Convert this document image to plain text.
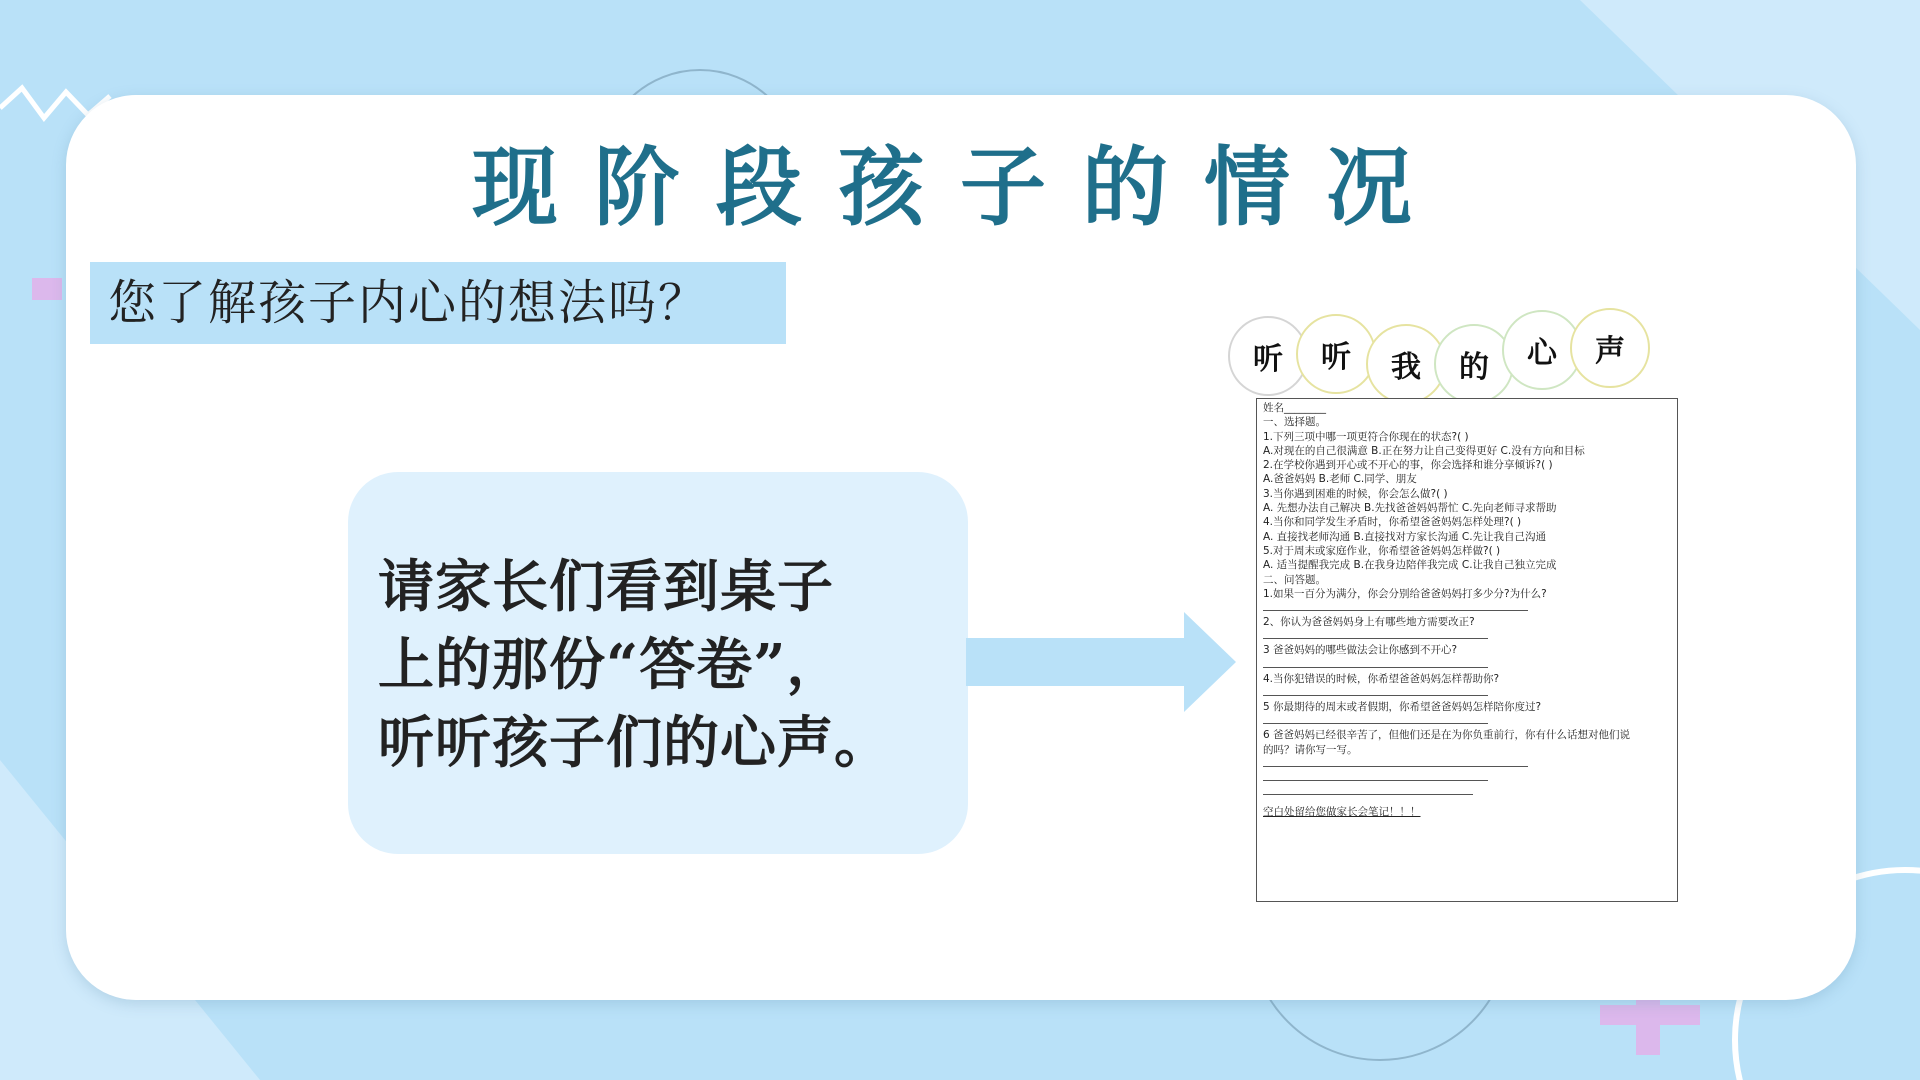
现阶段孩子的情况
您了解孩子内心的想法吗？
请家长们看到桌子
上的那份“答卷”，
听听孩子们的心声。
听	听	我	的	心	声
姓名________
一、选择题。
1.下列三项中哪一项更符合你现在的状态?( )
A.对现在的自己很满意 B.正在努力让自己变得更好 C.没有方向和目标
2.在学校你遇到开心或不开心的事，你会选择和谁分享倾诉?( )
A.爸爸妈妈 B.老师 C.同学、朋友
3.当你遇到困难的时候，你会怎么做?( )
A. 先想办法自己解决 B.先找爸爸妈妈帮忙 C.先向老师寻求帮助
4.当你和同学发生矛盾时，你希望爸爸妈妈怎样处理?( )
A. 直接找老师沟通 B.直接找对方家长沟通 C.先让我自己沟通
5.对于周末或家庭作业，你希望爸爸妈妈怎样做?( )
A. 适当提醒我完成 B.在我身边陪伴我完成 C.让我自己独立完成
二、问答题。
1.如果一百分为满分，你会分别给爸爸妈妈打多少分?为什么?
2、你认为爸爸妈妈身上有哪些地方需要改正?
3 爸爸妈妈的哪些做法会让你感到不开心?
4.当你犯错误的时候，你希望爸爸妈妈怎样帮助你?
5 你最期待的周末或者假期，你希望爸爸妈妈怎样陪你度过?
6 爸爸妈妈已经很辛苦了，但他们还是在为你负重前行，你有什么话想对他们说
的吗？请你写一写。
空白处留给您做家长会笔记！！！
